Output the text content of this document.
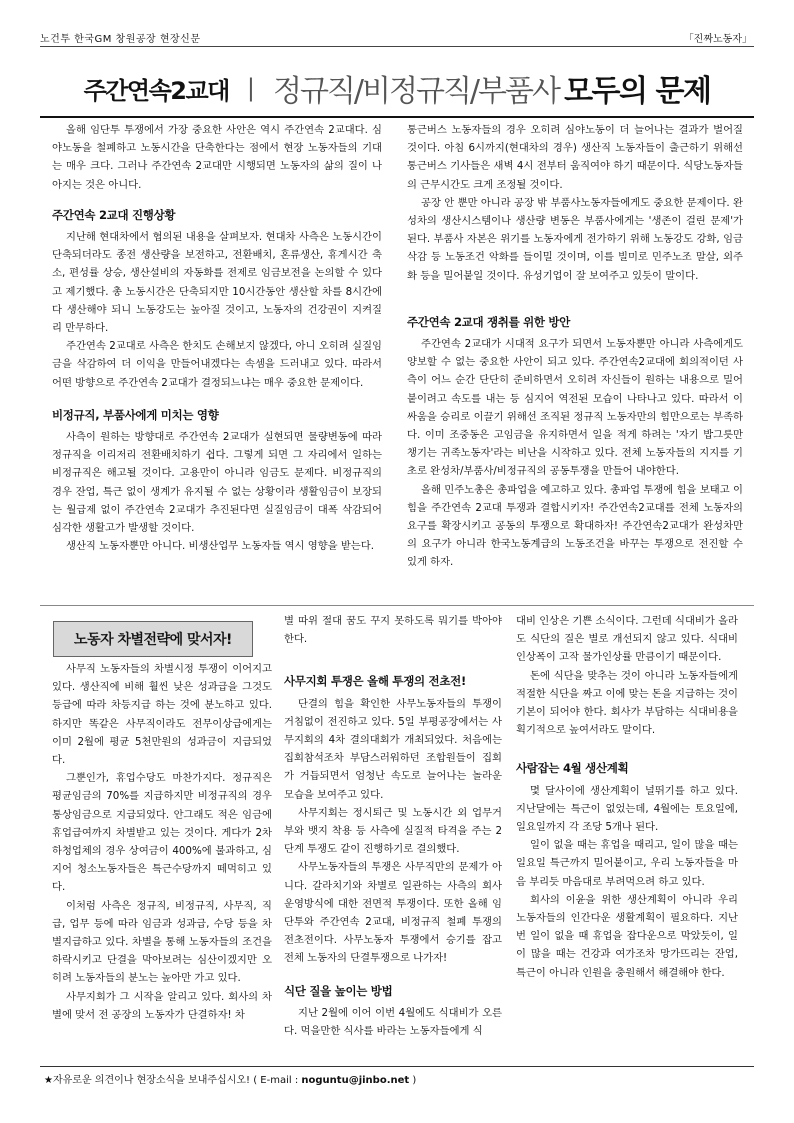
노건투 한국GM 창원공장 현장신문	「진짜노동자」
주간연속2교대 | 정규직/비정규직/부품사 모두의 문제

올해 임단투 투쟁에서 가장 중요한 사안은 역시 주간연속 2교대다. 심야노동을 철폐하고 노동시간을 단축한다는 점에서 현장 노동자들의 기대는 매우 크다. 그러나 주간연속 2교대만 시행되면 노동자의 삶의 질이 나아지는 것은 아니다.

주간연속 2교대 진행상황

지난해 현대차에서 협의된 내용을 살펴보자. 현대차 사측은 노동시간이 단축되더라도 종전 생산량을 보전하고, 전환배치, 혼류생산, 휴게시간 축소, 편성률 상승, 생산설비의 자동화를 전제로 임금보전을 논의할 수 있다고 제기했다. 총 노동시간은 단축되지만 10시간동안 생산할 차를 8시간에 다 생산해야 되니 노동강도는 높아질 것이고, 노동자의 건강권이 지켜질 리 만무하다.

주간연속 2교대로 사측은 한치도 손해보지 않겠다, 아니 오히려 실질임금을 삭감하여 더 이익을 만들어내겠다는 속셈을 드러내고 있다. 따라서 어떤 방향으로 주간연속 2교대가 결정되느냐는 매우 중요한 문제이다.

비정규직, 부품사에게 미치는 영향

사측이 원하는 방향대로 주간연속 2교대가 실현되면 물량변동에 따라 정규직을 이리저리 전환배치하기 쉽다. 그렇게 되면 그 자리에서 일하는 비정규직은 해고될 것이다. 고용만이 아니라 임금도 문제다. 비정규직의 경우 잔업, 특근 없이 생계가 유지될 수 없는 상황이라 생활임금이 보장되는 월급제 없이 주간연속 2교대가 추진된다면 실질임금이 대폭 삭감되어 심각한 생활고가 발생할 것이다.

생산직 노동자뿐만 아니다. 비생산업무 노동자들 역시 영향을 받는다.

통근버스 노동자들의 경우 오히려 심야노동이 더 늘어나는 결과가 벌어질 것이다. 아침 6시까지(현대차의 경우) 생산직 노동자들이 출근하기 위해선 통근버스 기사들은 새벽 4시 전부터 움직여야 하기 때문이다. 식당노동자들의 근무시간도 크게 조정될 것이다.

공장 안 뿐만 아니라 공장 밖 부품사노동자들에게도 중요한 문제이다. 완성차의 생산시스템이나 생산량 변동은 부품사에게는 '생존이 걸린 문제'가 된다. 부품사 자본은 위기를 노동자에게 전가하기 위해 노동강도 강화, 임금삭감 등 노동조건 악화를 들이밀 것이며, 이를 빌미로 민주노조 말살, 외주화 등을 밀어붙일 것이다. 유성기업이 잘 보여주고 있듯이 말이다.

주간연속 2교대 쟁취를 위한 방안

주간연속 2교대가 시대적 요구가 되면서 노동자뿐만 아니라 사측에게도 양보할 수 없는 중요한 사안이 되고 있다. 주간연속2교대에 회의적이던 사측이 어느 순간 단단히 준비하면서 오히려 자신들이 원하는 내용으로 밀어붙이려고 속도를 내는 등 심지어 역전된 모습이 나타나고 있다. 따라서 이 싸움을 승리로 이끌기 위해선 조직된 정규직 노동자만의 힘만으로는 부족하다. 이미 조중동은 고임금을 유지하면서 일을 적게 하려는 '자기 밥그릇만 챙기는 귀족노동자'라는 비난을 시작하고 있다. 전체 노동자들의 지지를 기초로 완성차/부품사/비정규직의 공동투쟁을 만들어 내야한다.

올해 민주노총은 총파업을 예고하고 있다. 총파업 투쟁에 힘을 보태고 이 힘을 주간연속 2교대 투쟁과 결합시키자! 주간연속2교대를 전체 노동자의 요구를 확장시키고 공동의 투쟁으로 확대하자! 주간연속2교대가 완성차만의 요구가 아니라 한국노동계급의 노동조건을 바꾸는 투쟁으로 전진할 수 있게 하자.

노동자 차별전략에 맞서자!

사무직 노동자들의 차별시정 투쟁이 이어지고 있다. 생산직에 비해 훨씬 낮은 성과급을 그것도 등급에 따라 차등지급 하는 것에 분노하고 있다. 하지만 똑같은 사무직이라도 전무이상급에게는 이미 2월에 평균 5천만원의 성과금이 지급되었다.

그뿐인가, 휴업수당도 마찬가지다. 정규직은 평균임금의 70%를 지급하지만 비정규직의 경우 통상임금으로 지급되었다. 안그래도 적은 임금에 휴업급여까지 차별받고 있는 것이다. 게다가 2차 하청업체의 경우 상여금이 400%에 불과하고, 심지어 청소노동자들은 특근수당까지 떼먹히고 있다.

이처럼 사측은 정규직, 비정규직, 사무직, 직급, 업무 등에 따라 임금과 성과급, 수당 등을 차별지급하고 있다. 차별을 통해 노동자들의 조건을 하락시키고 단결을 막아보려는 심산이겠지만 오히려 노동자들의 분노는 높아만 가고 있다.

사무지회가 그 시작을 알리고 있다. 회사의 차별에 맞서 전 공장의 노동자가 단결하자! 차

별 따위 절대 꿈도 꾸지 못하도록 뭐기를 박아야 한다.

사무지회 투쟁은 올해 투쟁의 전초전!

단결의 힘을 확인한 사무노동자들의 투쟁이 거침없이 전진하고 있다. 5일 부평공장에서는 사무지회의 4차 결의대회가 개최되었다. 처음에는 집회참석조차 부담스러워하던 조합원들이 집회가 거듭되면서 엄청난 속도로 늘어나는 놀라운 모습을 보여주고 있다.

사무지회는 정시퇴근 및 노동시간 외 업무거부와 뱃지 착용 등 사측에 실질적 타격을 주는 2단계 투쟁도 같이 진행하기로 결의했다.

사무노동자들의 투쟁은 사무직만의 문제가 아니다. 갈라치기와 차별로 일관하는 사측의 회사운영방식에 대한 전면적 투쟁이다. 또한 올해 임단투와 주간연속 2교대, 비정규직 철폐 투쟁의 전초전이다. 사무노동자 투쟁에서 승기를 잡고 전체 노동자의 단결투쟁으로 나가자!

식단 질을 높이는 방법

지난 2월에 이어 이번 4월에도 식대비가 오른다. 먹을만한 식사를 바라는 노동자들에게 식

대비 인상은 기쁜 소식이다. 그런데 식대비가 올라도 식단의 질은 별로 개선되지 않고 있다. 식대비 인상폭이 고작 물가인상률 만큼이기 때문이다.

돈에 식단을 맞추는 것이 아니라 노동자들에게 적절한 식단을 짜고 이에 맞는 돈을 지급하는 것이 기본이 되어야 한다. 회사가 부담하는 식대비용을 획기적으로 높여서라도 말이다.

사람잡는 4월 생산계획

몇 달사이에 생산계획이 널뛰기를 하고 있다. 지난달에는 특근이 없었는데, 4월에는 토요일에, 일요일까지 각 조당 5개나 된다.

일이 없을 때는 휴업을 때리고, 일이 많을 때는 일요일 특근까지 밀어붙이고, 우리 노동자들을 마음 부리듯 마음대로 부려먹으려 하고 있다.

회사의 이윤을 위한 생산계획이 아니라 우리 노동자들의 인간다운 생활계획이 필요하다. 지난번 일이 없을 때 휴업을 잡다운으로 막았듯이, 일이 많을 때는 건강과 여가조차 망가뜨리는 잔업, 특근이 아니라 인원을 충원해서 해결해야 한다.

★자유로운 의견이나 현장소식을 보내주십시오! ( E-mail : noguntu@jinbo.net )
